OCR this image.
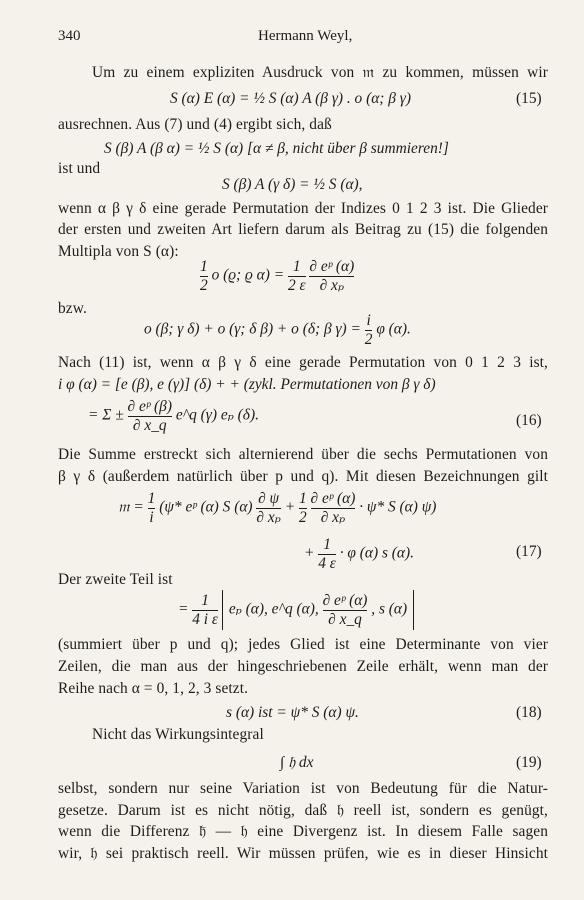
340	Hermann Weyl,
Um zu einem expliziten Ausdruck von 𝔪 zu kommen, müssen wir
S (α) E (α) = ½ S (α) A (β γ) . o (α; β γ)	(15)
ausrechnen. Aus (7) und (4) ergibt sich, daß
S (β) A (β α) = ½ S (α) [α ≠ β, nicht über β summieren!]
ist und
S (β) A (γ δ) = ½ S (α),
wenn α β γ δ eine gerade Permutation der Indizes 0 1 2 3 ist. Die Glieder
der ersten und zweiten Art liefern darum als Beitrag zu (15) die folgenden
Multipla von S (α):
$\frac{1}{2}$ o (ϱ; ϱ $\alpha) = \frac{1}{2 \varepsilon}$
$\frac{\text{∂ eᵖ (α)}}{\text{∂ xₚ}}$
bzw.
o (β; γ δ) + o (γ; δ β) + o (δ; β $\gamma) = \frac{i}{2}$ φ (α).
Nach (11) ist, wenn α β γ δ eine gerade Permutation von 0 1 2 3 ist,
i φ (α) = [e (β), e (γ)] (δ) + + (zykl. Permutationen von β γ δ)
= $\Sigma \pm \frac{\text{∂ eᵖ (β)}}{\partial x\_q}$ e^q (γ) eₚ (δ).	(16)
Die Summe erstreckt sich alternierend über die sechs Permutationen von
β γ δ (außerdem natürlich über p und q). Mit diesen Bezeichnungen gilt
𝔪 = $\frac{1}{i} (\psi*$ eᵖ (α) S $(\alpha) \frac{\partial \psi}{\text{∂ xₚ}} + \frac{1}{2}$
$\frac{\text{∂ eᵖ (α)}}{\text{∂ xₚ}} \cdot \psi*$ S (α) ψ)
+ $\frac{1}{4 \varepsilon} \cdot \varphi$ (α) s (α).	(17)
Der zweite Teil ist
= $\frac{1}{\text{4 i ε}}$ eₚ (α), e^q (α), $\frac{\text{∂ eᵖ (α)}}{\partial x\_q}$ , s (α)
(summiert über p und q); jedes Glied ist eine Determinante von vier
Zeilen, die man aus der hingeschriebenen Zeile erhält, wenn man der
Reihe nach α = 0, 1, 2, 3 setzt.
s (α) ist = ψ* S (α) ψ.	(18)
Nicht das Wirkungsintegral
∫ 𝔥 dx	(19)
selbst, sondern nur seine Variation ist von Bedeutung für die Natur-
gesetze. Darum ist es nicht nötig, daß 𝔥 reell ist, sondern es genügt,
wenn die Differenz 𝔥̄ — 𝔥 eine Divergenz ist. In diesem Falle sagen
wir, 𝔥 sei praktisch reell. Wir müssen prüfen, wie es in dieser Hinsicht
